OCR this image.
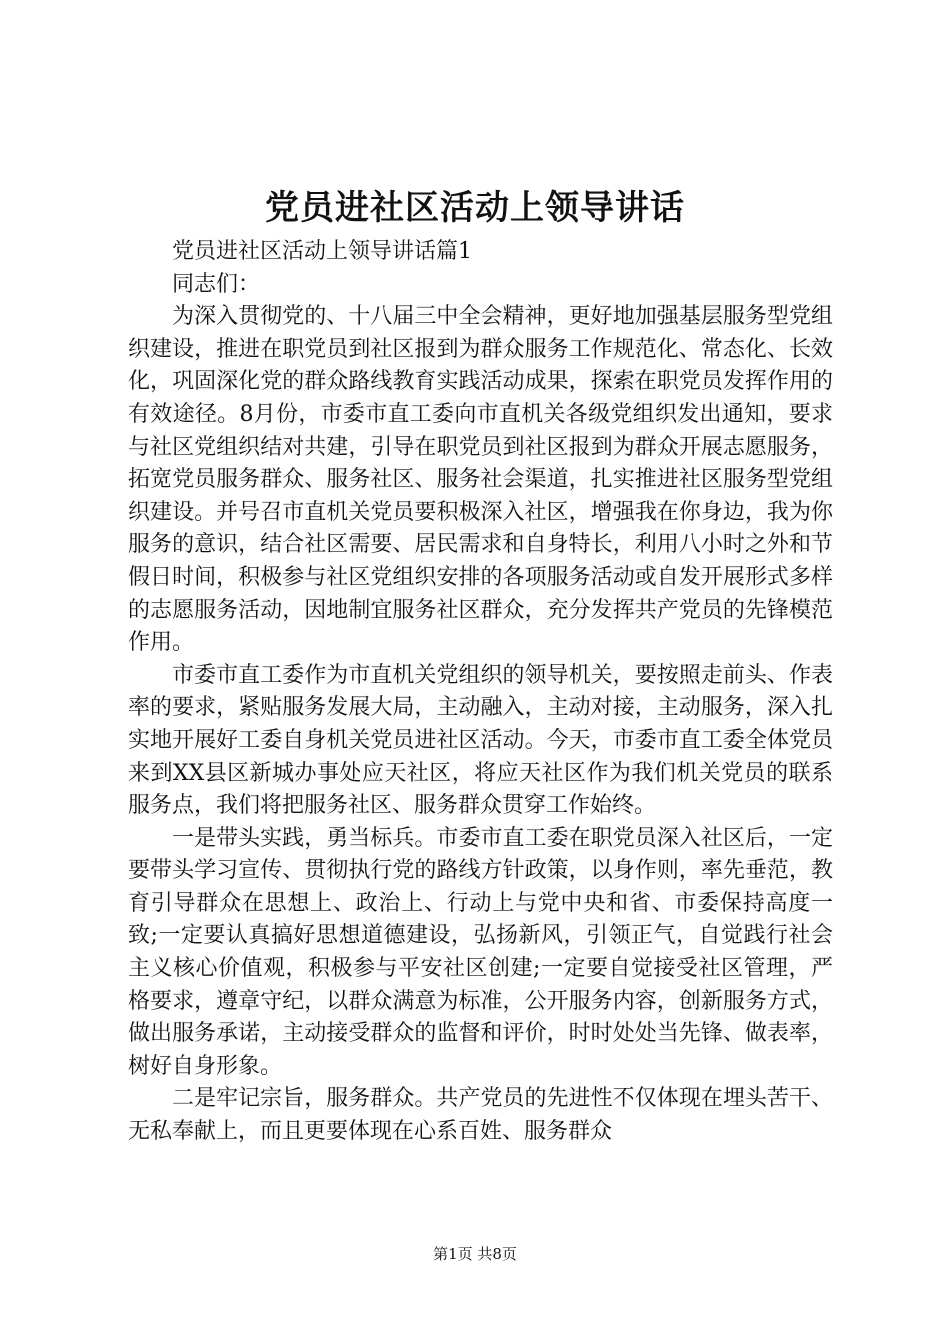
党员进社区活动上领导讲话

党员进社区活动上领导讲话篇1

同志们：

为深入贯彻党的、十八届三中全会精神，更好地加强基层服务型党组织建设，推进在职党员到社区报到为群众服务工作规范化、常态化、长效化，巩固深化党的群众路线教育实践活动成果，探索在职党员发挥作用的有效途径。8月份，市委市直工委向市直机关各级党组织发出通知，要求与社区党组织结对共建，引导在职党员到社区报到为群众开展志愿服务，拓宽党员服务群众、服务社区、服务社会渠道，扎实推进社区服务型党组织建设。并号召市直机关党员要积极深入社区，增强我在你身边，我为你服务的意识，结合社区需要、居民需求和自身特长，利用八小时之外和节假日时间，积极参与社区党组织安排的各项服务活动或自发开展形式多样的志愿服务活动，因地制宜服务社区群众，充分发挥共产党员的先锋模范作用。

市委市直工委作为市直机关党组织的领导机关，要按照走前头、作表率的要求，紧贴服务发展大局，主动融入，主动对接，主动服务，深入扎实地开展好工委自身机关党员进社区活动。今天，市委市直工委全体党员来到XX县区新城办事处应天社区，将应天社区作为我们机关党员的联系服务点，我们将把服务社区、服务群众贯穿工作始终。

一是带头实践，勇当标兵。市委市直工委在职党员深入社区后，一定要带头学习宣传、贯彻执行党的路线方针政策，以身作则，率先垂范，教育引导群众在思想上、政治上、行动上与党中央和省、市委保持高度一致;一定要认真搞好思想道德建设，弘扬新风，引领正气，自觉践行社会主义核心价值观，积极参与平安社区创建;一定要自觉接受社区管理，严格要求，遵章守纪，以群众满意为标准，公开服务内容，创新服务方式，做出服务承诺，主动接受群众的监督和评价，时时处处当先锋、做表率，树好自身形象。

二是牢记宗旨，服务群众。共产党员的先进性不仅体现在埋头苦干、无私奉献上，而且更要体现在心系百姓、服务群众

第1页 共8页
